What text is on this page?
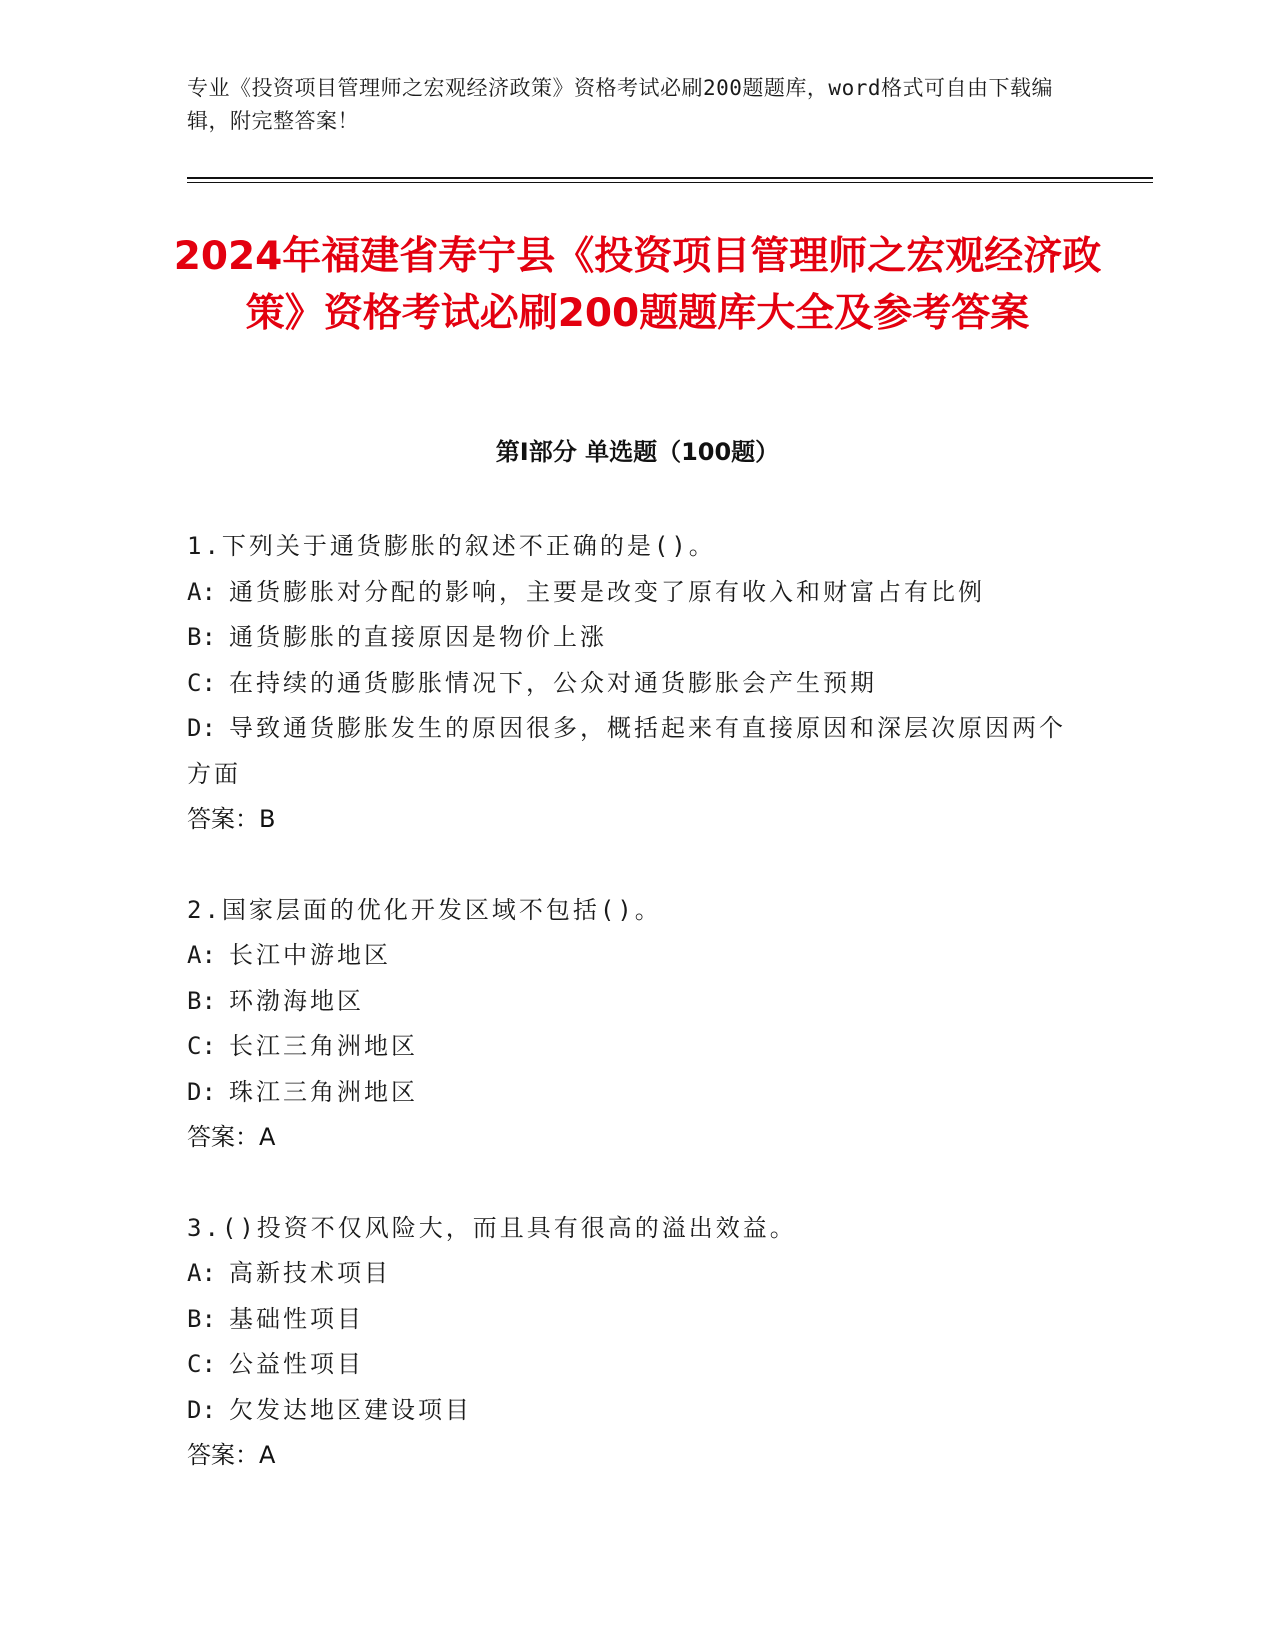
专业《投资项目管理师之宏观经济政策》资格考试必刷200题题库，word格式可自由下载编辑，附完整答案！
2024年福建省寿宁县《投资项目管理师之宏观经济政策》资格考试必刷200题题库大全及参考答案
第Ⅰ部分 单选题（100题）
1.下列关于通货膨胀的叙述不正确的是()。
A: 通货膨胀对分配的影响，主要是改变了原有收入和财富占有比例
B: 通货膨胀的直接原因是物价上涨
C: 在持续的通货膨胀情况下，公众对通货膨胀会产生预期
D: 导致通货膨胀发生的原因很多，概括起来有直接原因和深层次原因两个方面
答案：B
2.国家层面的优化开发区域不包括()。
A: 长江中游地区
B: 环渤海地区
C: 长江三角洲地区
D: 珠江三角洲地区
答案：A
3.()投资不仅风险大，而且具有很高的溢出效益。
A: 高新技术项目
B: 基础性项目
C: 公益性项目
D: 欠发达地区建设项目
答案：A
